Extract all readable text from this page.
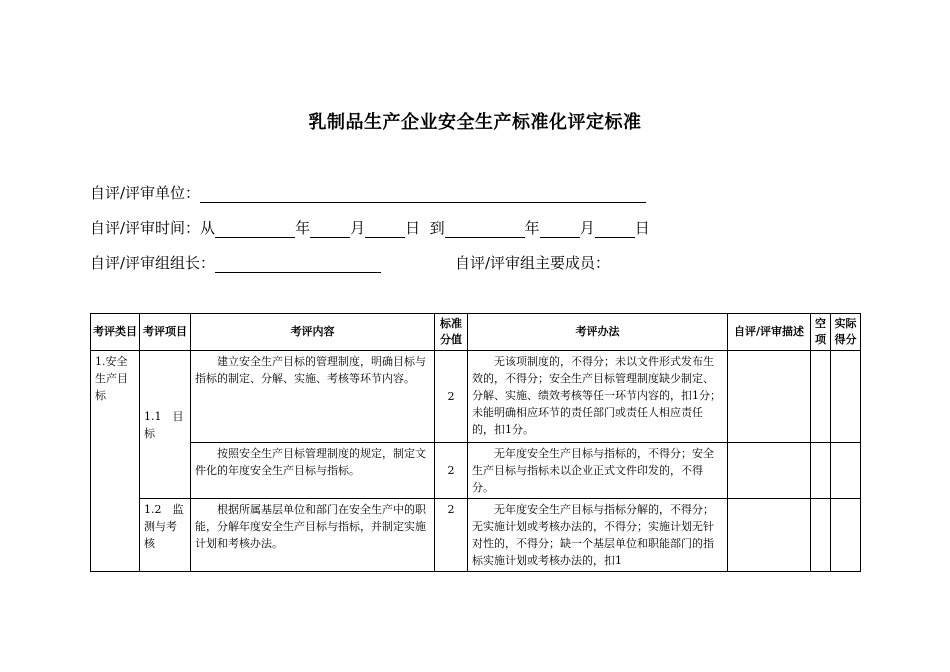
乳制品生产企业安全生产标准化评定标准
自评/评审单位：
自评/评审时间：从	年	月	日 到	年	月	日
自评/评审组组长：	自评/评审组主要成员：
考评类目	考评项目	考评内容	标准分值	考评办法	自评/评审描述	空项	实际得分
1.安全生产目标	1.1　目标	建立安全生产目标的管理制度，明确目标与指标的制定、分解、实施、考核等环节内容。	2	无该项制度的，不得分；未以文件形式发布生效的，不得分；安全生产目标管理制度缺少制定、分解、实施、绩效考核等任一环节内容的，扣1分；未能明确相应环节的责任部门或责任人相应责任的，扣1分。			
		按照安全生产目标管理制度的规定，制定文件化的年度安全生产目标与指标。	2	无年度安全生产目标与指标的，不得分；安全生产目标与指标未以企业正式文件印发的，不得分。			
	1.2　监测与考核	根据所属基层单位和部门在安全生产中的职能，分解年度安全生产目标与指标，并制定实施计划和考核办法。	2	无年度安全生产目标与指标分解的，不得分；无实施计划或考核办法的，不得分；实施计划无针对性的，不得分；缺一个基层单位和职能部门的指标实施计划或考核办法的，扣1			
